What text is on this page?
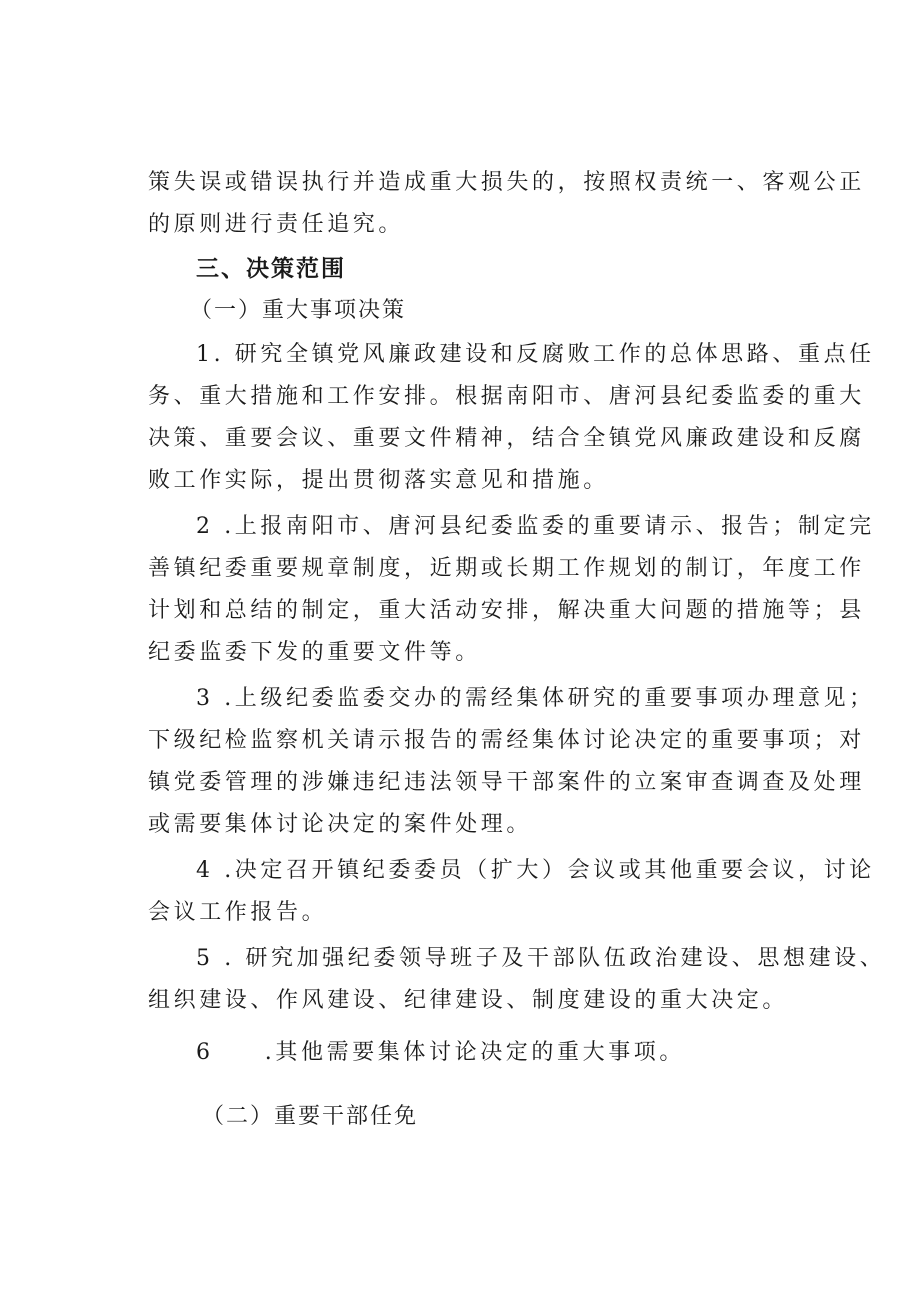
策失误或错误执行并造成重大损失的，按照权责统一、客观公正
的原则进行责任追究。
三、决策范围
（一）重大事项决策
1. 研究全镇党风廉政建设和反腐败工作的总体思路、重点任
务、重大措施和工作安排。根据南阳市、唐河县纪委监委的重大
决策、重要会议、重要文件精神，结合全镇党风廉政建设和反腐
败工作实际，提出贯彻落实意见和措施。
2 .上报南阳市、唐河县纪委监委的重要请示、报告；制定完
善镇纪委重要规章制度，近期或长期工作规划的制订，年度工作
计划和总结的制定，重大活动安排，解决重大问题的措施等；县
纪委监委下发的重要文件等。
3 .上级纪委监委交办的需经集体研究的重要事项办理意见；
下级纪检监察机关请示报告的需经集体讨论决定的重要事项；对
镇党委管理的涉嫌违纪违法领导干部案件的立案审查调查及处理
或需要集体讨论决定的案件处理。
4 .决定召开镇纪委委员（扩大）会议或其他重要会议，讨论
会议工作报告。
5 . 研究加强纪委领导班子及干部队伍政治建设、思想建设、
组织建设、作风建设、纪律建设、制度建设的重大决定。
6　　.其他需要集体讨论决定的重大事项。
（二）重要干部任免
